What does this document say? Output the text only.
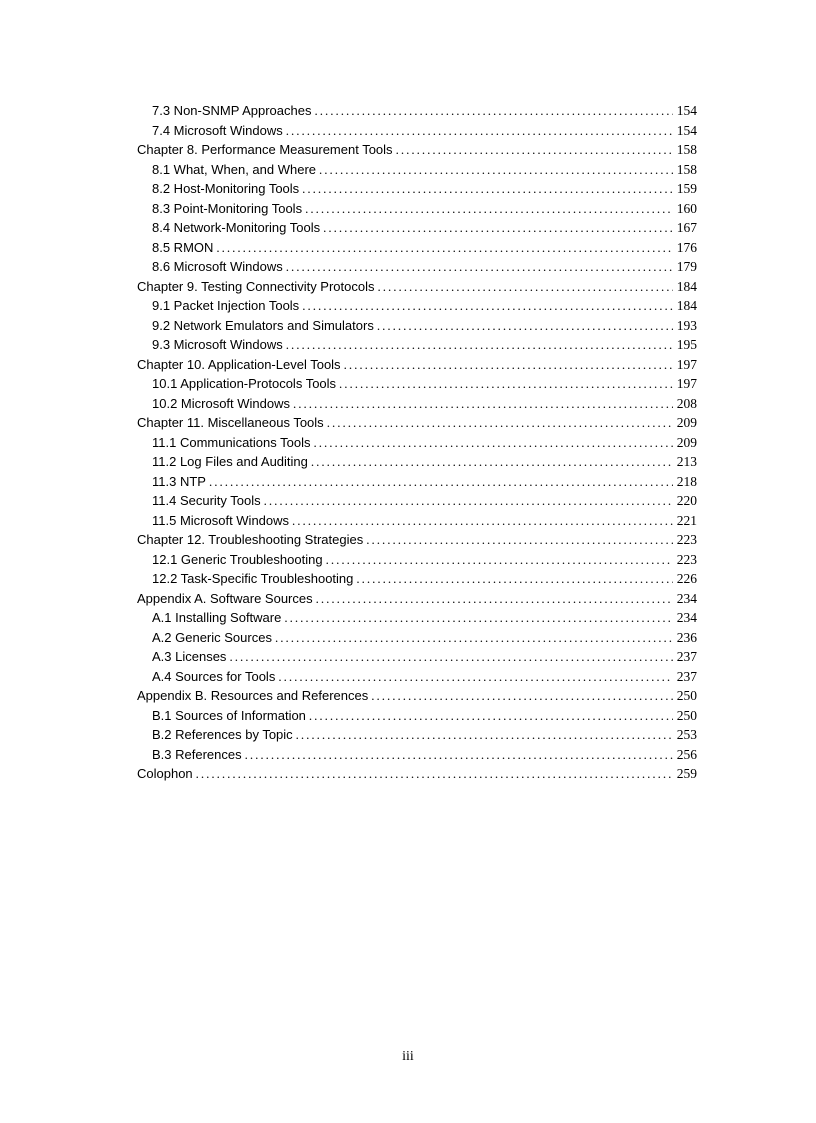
7.3 Non-SNMP Approaches .....	154
7.4 Microsoft Windows .....	154
Chapter 8. Performance Measurement Tools .....	158
8.1 What, When, and Where .....	158
8.2 Host-Monitoring Tools .....	159
8.3 Point-Monitoring Tools .....	160
8.4 Network-Monitoring Tools .....	167
8.5 RMON .....	176
8.6 Microsoft Windows .....	179
Chapter 9. Testing Connectivity Protocols .....	184
9.1 Packet Injection Tools .....	184
9.2 Network Emulators and Simulators .....	193
9.3 Microsoft Windows .....	195
Chapter 10. Application-Level Tools .....	197
10.1 Application-Protocols Tools .....	197
10.2 Microsoft Windows .....	208
Chapter 11. Miscellaneous Tools .....	209
11.1 Communications Tools .....	209
11.2 Log Files and Auditing .....	213
11.3 NTP .....	218
11.4 Security Tools .....	220
11.5 Microsoft Windows .....	221
Chapter 12. Troubleshooting Strategies .....	223
12.1 Generic Troubleshooting .....	223
12.2 Task-Specific Troubleshooting .....	226
Appendix A. Software Sources .....	234
A.1 Installing Software .....	234
A.2 Generic Sources .....	236
A.3 Licenses .....	237
A.4 Sources for Tools .....	237
Appendix B. Resources and References .....	250
B.1 Sources of Information .....	250
B.2 References by Topic .....	253
B.3 References .....	256
Colophon .....	259
iii
